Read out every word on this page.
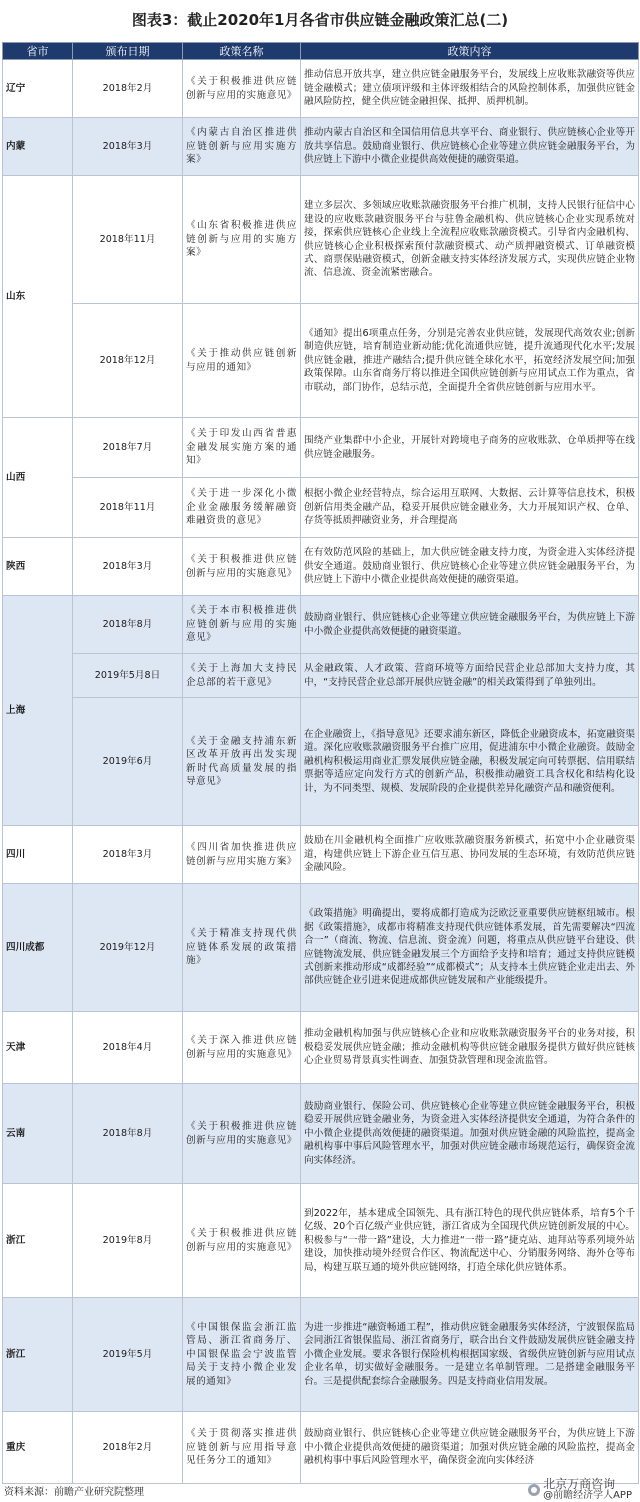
图表3：截止2020年1月各省市供应链金融政策汇总(二)
省市	颁布日期	政策名称	政策内容
辽宁	2018年2月	《关于积极推进供应链创新与应用的实施意见》	推动信息开放共享，建立供应链金融服务平台，发展线上应收账款融资等供应链金融模式；建立债项评级和主体评级相结合的风险控制体系，加强供应链金融风险防控，健全供应链金融担保、抵押、质押机制。
内蒙	2018年3月	《内蒙古自治区推进供应链创新与应用实施方案》	推动内蒙古自治区和全国信用信息共享平台、商业银行、供应链核心企业等开放共享信息。鼓励商业银行、供应链核心企业等建立供应链金融服务平台，为供应链上下游中小微企业提供高效便捷的融资渠道。
山东	2018年11月	《山东省积极推进供应链创新与应用的实施方案》	建立多层次、多领域应收账款融资服务平台推广机制，支持人民银行征信中心建设的应收账款融资服务平台与驻鲁金融机构、供应链核心企业实现系统对接，探索供应链核心企业线上全流程应收账款融资模式。引导省内金融机构、供应链核心企业积极探索预付款融资模式、动产质押融资模式、订单融资模式、商票保贴融资模式，创新金融支持实体经济发展方式，实现供应链企业物流、信息流、资金流紧密融合。
	2018年12月	《关于推动供应链创新与应用的通知》	《通知》提出6项重点任务，分别是完善农业供应链，发展现代高效农业;创新制造供应链，培育制造业新动能;优化流通供应链，提升流通现代化水平;发展供应链金融，推进产融结合;提升供应链全球化水平，拓宽经济发展空间;加强政策保障。山东省商务厅将以推进全国供应链创新与应用试点工作为重点，省市联动，部门协作，总结示范，全面提升全省供应链创新与应用水平。
山西	2018年7月	《关于印发山西省普惠金融发展实施方案的通知》	围绕产业集群中小企业，开展针对跨境电子商务的应收账款、仓单质押等在线供应链金融服务。
	2018年11月	《关于进一步深化小微企业金融服务缓解融资难融资贵的意见》	根据小微企业经营特点，综合运用互联网、大数据、云计算等信息技术，积极创新信用类金融产品，稳妥开展供应链金融业务，大力开展知识产权、仓单、存货等抵质押融资业务，并合理提高
陕西	2018年3月	《关于积极推进供应链创新与应用的实施意见》	在有效防范风险的基础上，加大供应链金融支持力度，为资金进入实体经济提供安全通道。鼓励商业银行、供应链核心企业等建立供应链金融服务平台，为供应链上下游中小微企业提供高效便捷的融资渠道。
上海	2018年8月	《关于本市积极推进供应链创新与应用的实施意见》	鼓励商业银行、供应链核心企业等建立供应链金融服务平台，为供应链上下游中小微企业提供高效便捷的融资渠道。
	2019年5月8日	《关于上海加大支持民企总部的若干意见》	从金融政策、人才政策、营商环境等方面给民营企业总部加大支持力度，其中，“支持民营企业总部开展供应链金融”的相关政策得到了单独列出。
	2019年6月	《关于金融支持浦东新区改革开放再出发实现新时代高质量发展的指导意见》	在企业融资上，《指导意见》还要求浦东新区，降低企业融资成本，拓宽融资渠道。深化应收账款融资服务平台推广应用，促进浦东中小微企业融资。鼓励金融机构积极运用商业汇票发展供应链金融，积极发展定向可转票据、信用联结票据等适应定向发行方式的创新产品，积极推动融资工具含权化和结构化设计，为不同类型、规模、发展阶段的企业提供差异化融资产品和融资便利。
四川	2018年3月	《四川省加快推进供应链创新与应用实施方案》	鼓励在川金融机构全面推广应收账款融资服务新模式，拓宽中小企业融资渠道，构建供应链上下游企业互信互惠、协同发展的生态环境，有效防范供应链金融风险。
四川成都	2019年12月	《关于精准支持现代供应链体系发展的政策措施》	《政策措施》明确提出，要将成都打造成为泛欧泛亚重要供应链枢纽城市。根据《政策措施》，成都市将精准支持现代供应链体系发展，首先需要解决“四流合一”（商流、物流、信息流、资金流）问题，将重点从供应链平台建设、供应链物流发展、供应链金融发展三个方面给予支持和培育；通过支持供应链模式创新来推动形成“成都经验”“成都模式”；从支持本土供应链企业走出去、外部供应链企业引进来促进成都供应链发展和产业能级提升。
天津	2018年4月	《关于深入推进供应链创新与应用的实施意见》	推动金融机构加强与供应链核心企业和应收账款融资服务平台的业务对接，积极稳妥发展供应链金融；推动金融机构等供应链金融服务提供方做好供应链核心企业贸易背景真实性调查、加强贷款管理和现金流监管。
云南	2018年8月	《关于积极推进供应链创新与应用的实施意见》	鼓励商业银行、保险公司、供应链核心企业等建立供应链金融服务平台，积极稳妥开展供应链金融业务，为资金进入实体经济提供安全通道，为符合条件的中小微企业提供高效便捷的融资渠道。加强对供应链金融的风险监控，提高金融机构事中事后风险管理水平，加强对供应链金融市场规范运行，确保资金流向实体经济。
浙江	2019年8月	《关于积极推进供应链创新与应用的实施意见》	到2022年，基本建成全国领先、具有浙江特色的现代供应链体系，培育5个千亿级、20个百亿级产业供应链，浙江省成为全国现代供应链创新发展的中心。积极参与“一带一路”建设，大力推进“一带一路”捷克站、迪拜站等系列境外站建设，加快推动境外经贸合作区、物流配送中心、分销服务网络、海外仓等布局，构建互联互通的境外供应链网络，打造全球化供应链体系。
浙江	2019年5月	《中国银保监会浙江监管局、浙江省商务厅、中国银保监会宁波监管局关于支持小微企业发展的通知》	为进一步推进“融资畅通工程”，推动供应链金融服务实体经济，宁波银保监局会同浙江省银保监局、浙江省商务厅，联合出台文件鼓励发展供应链金融支持小微企业发展。要求各银行保险机构根据国家级、省级供应链创新与应用试点企业名单，切实做好金融服务。一是建立名单制管理。二是搭建金融服务平台。三是提供配套综合金融服务。四是支持商业信用发展。
重庆	2018年2月	《关于贯彻落实推进供应链创新与应用指导意见任务分工的通知》	鼓励商业银行、供应链核心企业等建立供应链金融服务平台，为供应链上下游中小微企业提供高效便捷的融资渠道；加强对供应链金融的风险监控，提高金融机构事中事后风险管理水平，确保资金流向实体经济
资料来源：前瞻产业研究院整理
北京万商咨询
@前瞻经济学人APP
